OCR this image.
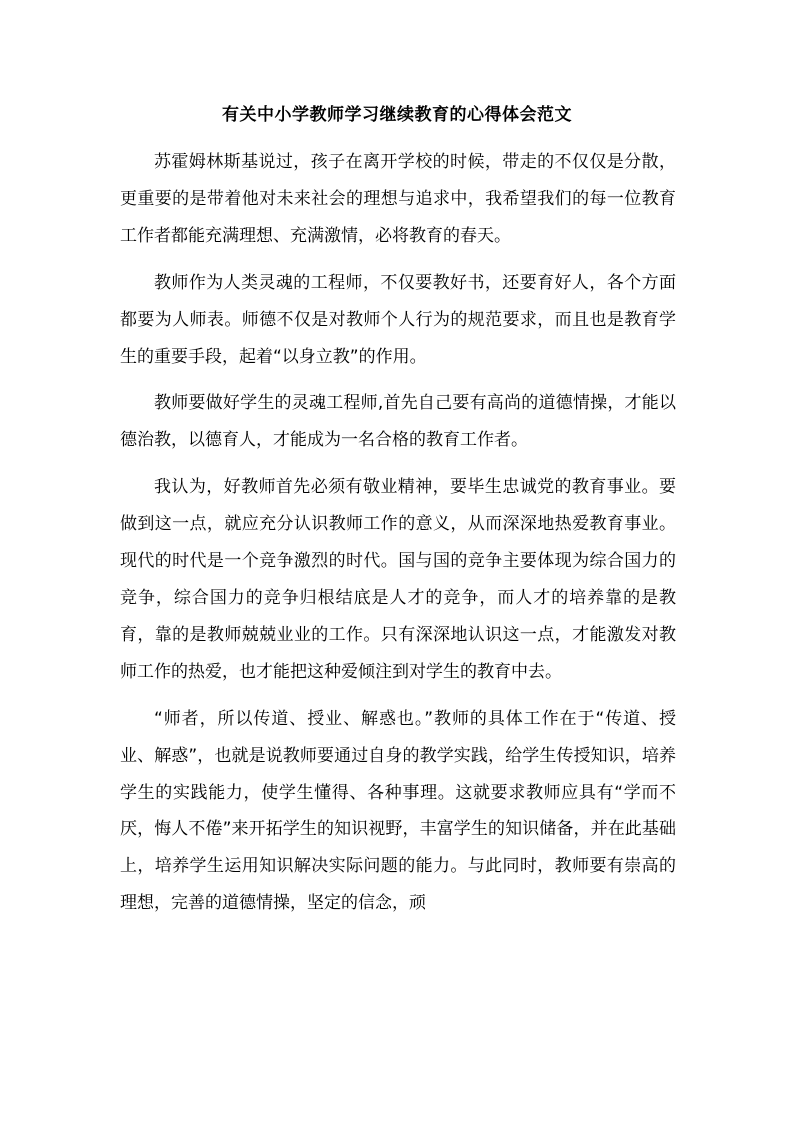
有关中小学教师学习继续教育的心得体会范文

苏霍姆林斯基说过，孩子在离开学校的时候，带走的不仅仅是分散，更重要的是带着他对未来社会的理想与追求中，我希望我们的每一位教育工作者都能充满理想、充满激情，必将教育的春天。

教师作为人类灵魂的工程师，不仅要教好书，还要育好人，各个方面都要为人师表。师德不仅是对教师个人行为的规范要求，而且也是教育学生的重要手段，起着“以身立教”的作用。

教师要做好学生的灵魂工程师,首先自己要有高尚的道德情操，才能以德治教，以德育人，才能成为一名合格的教育工作者。

我认为，好教师首先必须有敬业精神，要毕生忠诚党的教育事业。要做到这一点，就应充分认识教师工作的意义，从而深深地热爱教育事业。现代的时代是一个竞争激烈的时代。国与国的竞争主要体现为综合国力的竞争，综合国力的竞争归根结底是人才的竞争，而人才的培养靠的是教育，靠的是教师兢兢业业的工作。只有深深地认识这一点，才能激发对教师工作的热爱，也才能把这种爱倾注到对学生的教育中去。

“师者，所以传道、授业、解惑也。”教师的具体工作在于“传道、授业、解惑”，也就是说教师要通过自身的教学实践，给学生传授知识，培养学生的实践能力，使学生懂得、各种事理。这就要求教师应具有“学而不厌，悔人不倦”来开拓学生的知识视野，丰富学生的知识储备，并在此基础上，培养学生运用知识解决实际问题的能力。与此同时，教师要有崇高的理想，完善的道德情操，坚定的信念，顽
